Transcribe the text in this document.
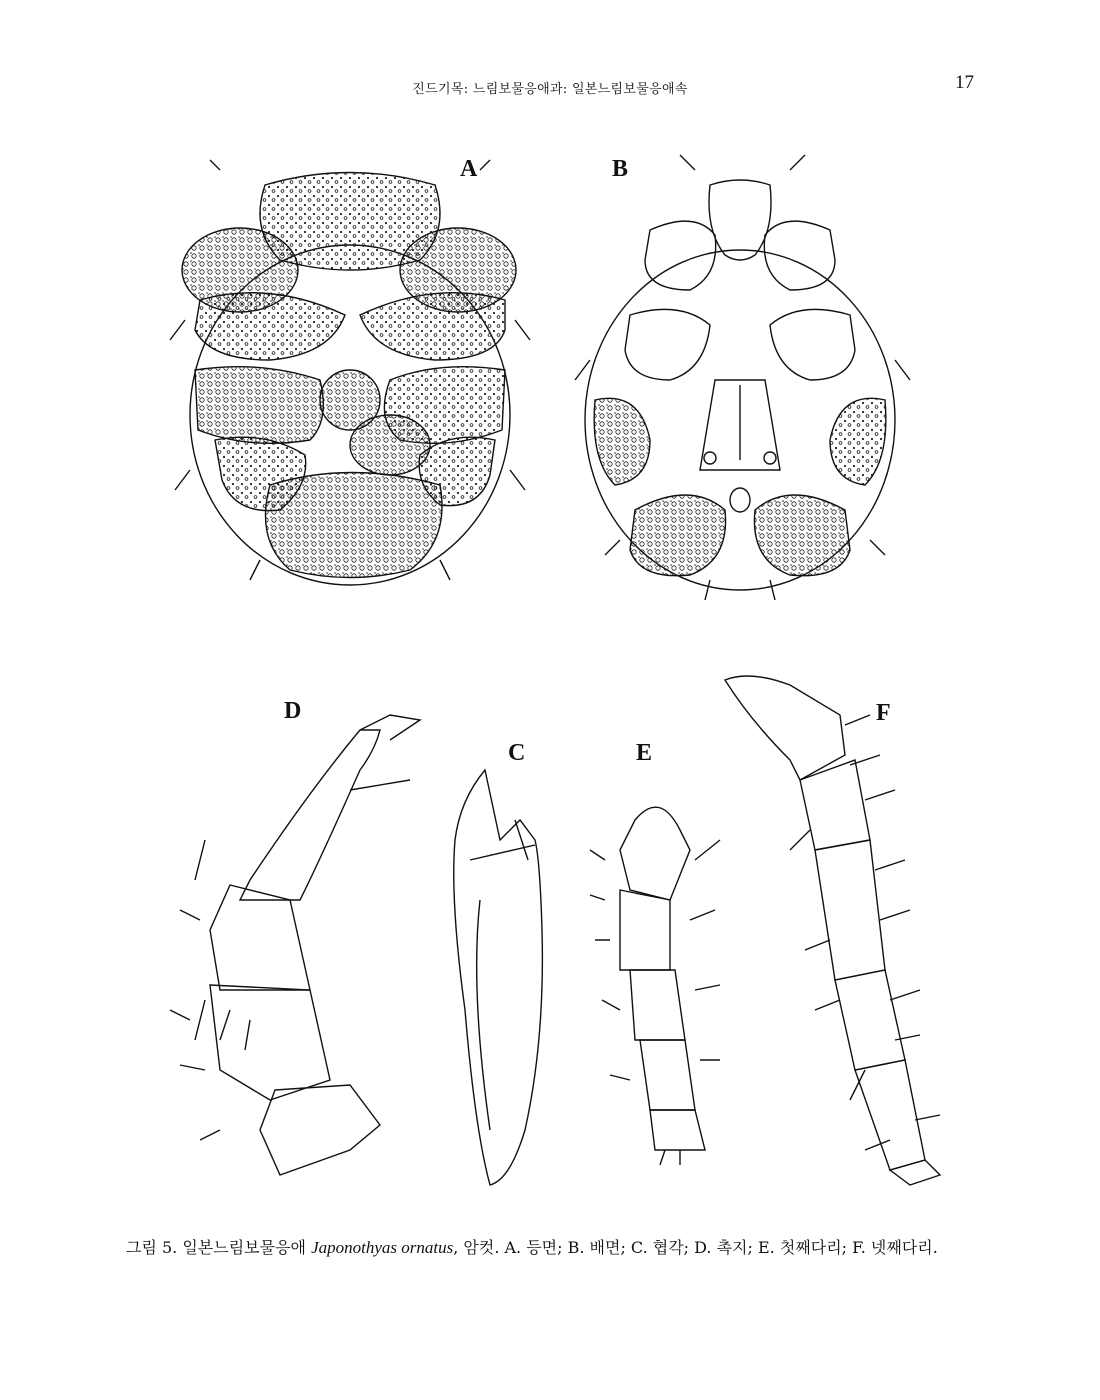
진드기목: 느림보물응애과: 일본느림보물응애속	17
A	B
D
C	E
F
그림 5. 일본느림보물응애 Japonothyas ornatus, 암컷. A. 등면; B. 배면; C. 협각; D. 촉지; E. 첫째다리; F. 넷째다리.
